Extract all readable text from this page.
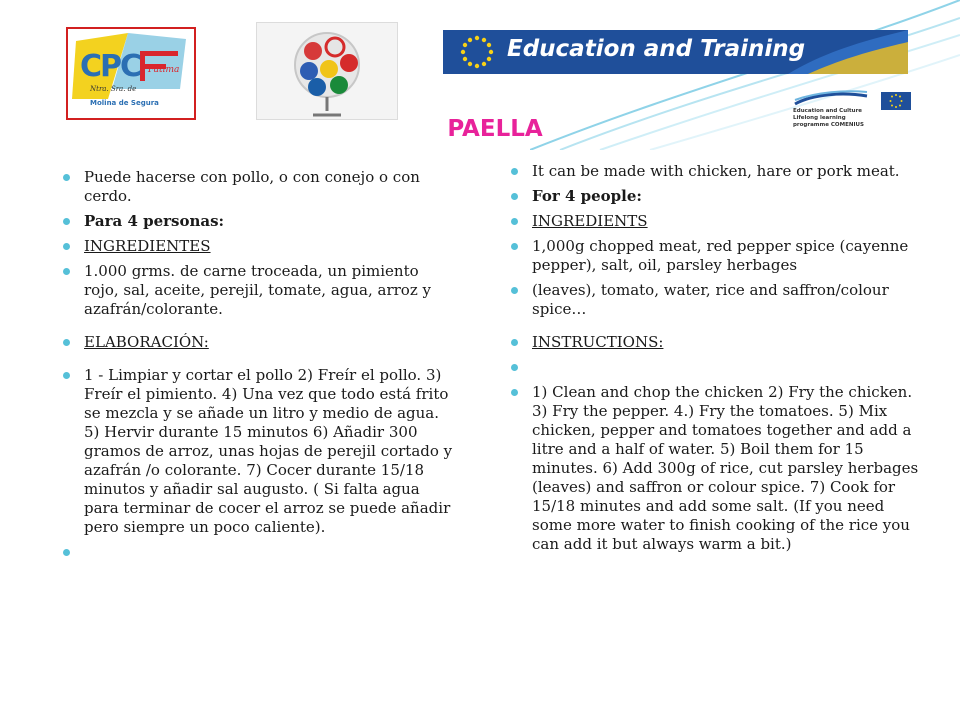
CPC Fátima
Ntra. Sra. de
Molina de Segura
Education and Training
Education and Culture Lifelong learning programme COMENIUS
PAELLA
Puede hacerse con pollo, o con conejo o con cerdo.
Para 4 personas:
INGREDIENTES
1.000 grms. de carne troceada, un pimiento rojo, sal, aceite, perejil, tomate, agua, arroz y azafrán/colorante.
ELABORACIÓN:
1 - Limpiar y cortar el pollo 2) Freír el pollo. 3) Freír el pimiento. 4) Una vez que todo está frito se mezcla y se añade un litro y medio de agua. 5) Hervir durante 15 minutos 6) Añadir 300 gramos de arroz, unas hojas de perejil cortado y azafrán /o colorante. 7) Cocer durante 15/18 minutos y añadir sal augusto. ( Si falta agua para terminar de cocer el arroz se puede añadir pero siempre un poco caliente).
It can be made with chicken, hare or pork meat.
For 4 people:
INGREDIENTS
1,000g chopped meat, red pepper spice (cayenne pepper), salt, oil, parsley herbages
(leaves), tomato, water, rice and saffron/colour spice…
INSTRUCTIONS:
1) Clean and chop the chicken 2) Fry the chicken. 3) Fry the pepper. 4.) Fry the tomatoes. 5) Mix chicken, pepper and tomatoes together and add a litre and a half of water. 5) Boil them for 15 minutes. 6) Add 300g of rice, cut parsley herbages (leaves) and saffron or colour spice. 7) Cook for 15/18 minutes and add some salt. (If you need some more water to finish cooking of the rice you can add it but always warm a bit.)
